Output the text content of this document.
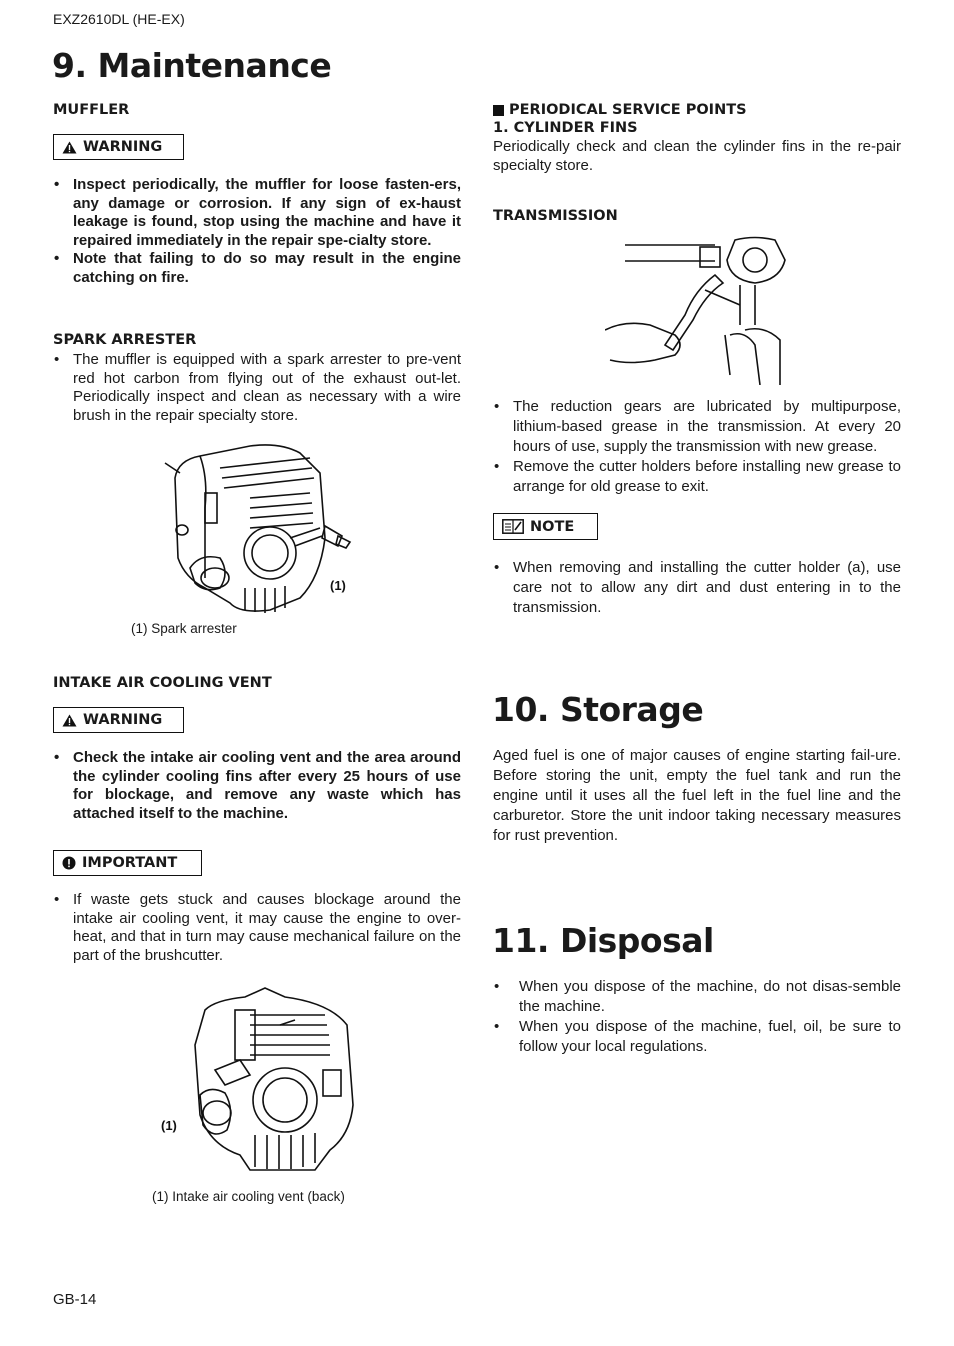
EXZ2610DL (HE-EX)
9. Maintenance
MUFFLER
WARNING
• Inspect periodically, the muffler for loose fasten-ers, any damage or corrosion. If any sign of ex-haust leakage is found, stop using the machine and have it repaired immediately in the repair spe-cialty store.
• Note that failing to do so may result in the engine catching on fire.
SPARK ARRESTER
• The muffler is equipped with a spark arrester to pre-vent red hot carbon from flying out of the exhaust out-let. Periodically inspect and clean as necessary with a wire brush in the repair specialty store.
(1)
(1) Spark arrester
INTAKE AIR COOLING VENT
WARNING
• Check the intake air cooling vent and the area around the cylinder cooling fins after every 25 hours of use for blockage, and remove any waste which has attached itself to the machine.
IMPORTANT
• If waste gets stuck and causes blockage around the intake air cooling vent, it may cause the engine to over-heat, and that in turn may cause mechanical failure on the part of the brushcutter.
(1)
(1) Intake air cooling vent (back)
PERIODICAL SERVICE POINTS
1. CYLINDER FINS

Periodically check and clean the cylinder fins in the re-pair specialty store.

TRANSMISSION
• The reduction gears are lubricated by multipurpose, lithium-based grease in the transmission. At every 20 hours of use, supply the transmission with new grease.
• Remove the cutter holders before installing new grease to arrange for old grease to exit.
NOTE
• When removing and installing the cutter holder (a), use care not to allow any dirt and dust entering in to the transmission.
10. Storage

Aged fuel is one of major causes of engine starting fail-ure. Before storing the unit, empty the fuel tank and run the engine until it uses all the fuel left in the fuel line and the carburetor. Store the unit indoor taking necessary measures for rust prevention.

11. Disposal
• When you dispose of the machine, do not disas-semble the machine.
• When you dispose of the machine, fuel, oil, be sure to follow your local regulations.
GB-14
